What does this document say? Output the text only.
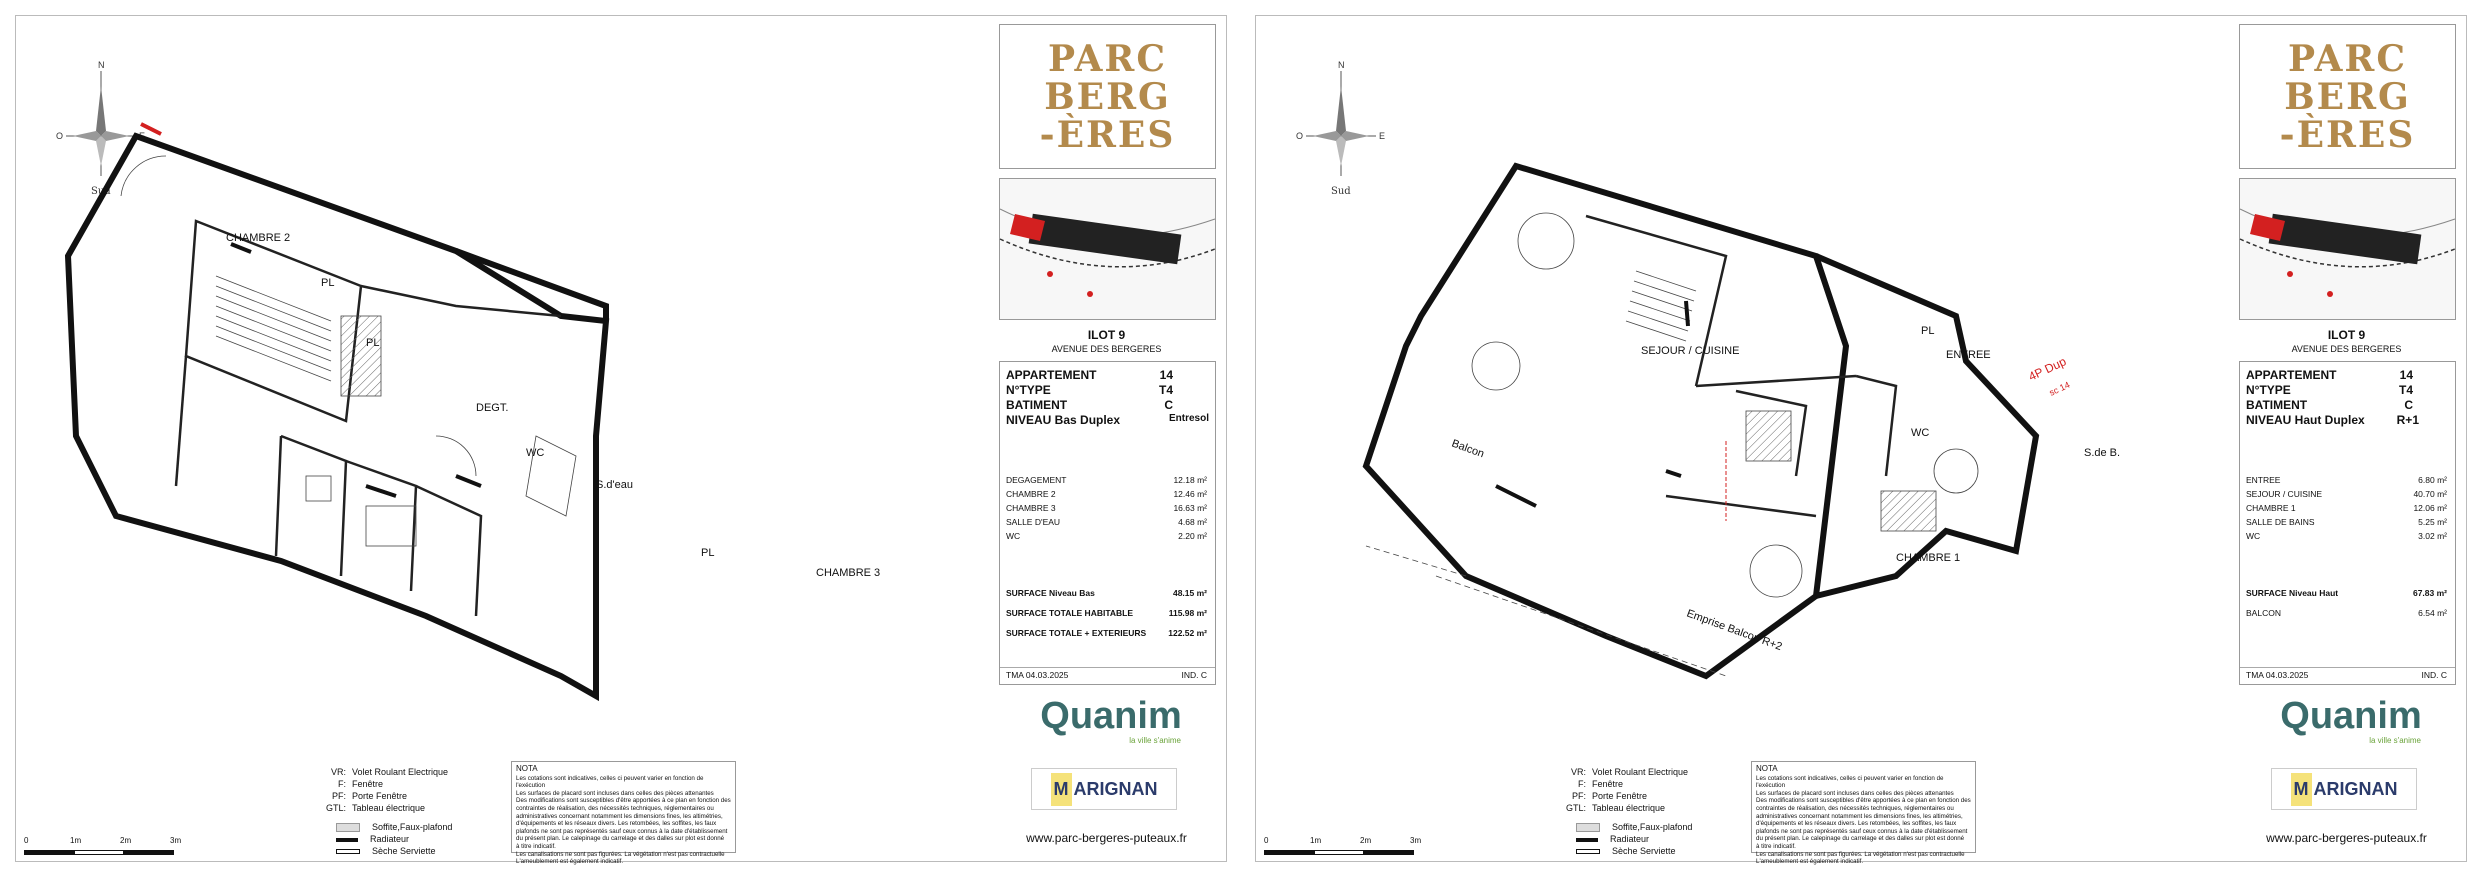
N
Sud
O	E
CHAMBRE 2
PL
PL
DEGT.
WC
S.d'eau
PL
CHAMBRE 3
VR: Volet Roulant Electrique
F: Fenêtre
PF: Porte Fenêtre
GTL: Tableau électrique
Soffite,Faux-plafond
Radiateur
Sèche Serviette
NOTA
Les cotations sont indicatives, celles ci peuvent varier en fonction de l'exécution
Les surfaces de placard sont incluses dans celles des pièces attenantes
Des modifications sont susceptibles d'être apportées à ce plan en fonction des
contraintes de réalisation, des nécessités techniques, réglementaires ou
administratives concernant notamment les dimensions fines, les altimétries,
d'équipements et les réseaux divers. Les retombées, les soffites, les faux
plafonds ne sont pas représentés sauf ceux connus à la date d'établissement
du présent plan. Le calepinage du carrelage et des dalles sur plot est donné
à titre indicatif.
Les canalisations ne sont pas figurées. La végétation n'est pas contractuelle
L'ameublement est également indicatif.
0	1m	2m	3m
PARC
BERG
-ÈRES
ILOT 9
AVENUE DES BERGERES
APPARTEMENT	14
N°TYPE	T4
BATIMENT	C
NIVEAU Bas Duplex	Entresol
DEGAGEMENT	12.18 m²
CHAMBRE 2	12.46 m²
CHAMBRE 3	16.63 m²
SALLE D'EAU	4.68 m²
WC	2.20 m²
SURFACE Niveau Bas	48.15 m²
SURFACE TOTALE HABITABLE	115.98 m²
SURFACE TOTALE + EXTERIEURS	122.52 m²
TMA 04.03.2025	IND. C
Quanim
la ville s'anime
M ARIGNAN
www.parc-bergeres-puteaux.fr
N
Sud
O	E
SEJOUR / CUISINE	ENTREE
WC
S.de B.
CHAMBRE 1
PL
Balcon
Emprise Balcon R+2
4P Dup
sc 14
VR: Volet Roulant Electrique
F: Fenêtre
PF: Porte Fenêtre
GTL: Tableau électrique
Soffite,Faux-plafond
Radiateur
Sèche Serviette
NOTA
Les cotations sont indicatives, celles ci peuvent varier en fonction de l'exécution
Les surfaces de placard sont incluses dans celles des pièces attenantes
Des modifications sont susceptibles d'être apportées à ce plan en fonction des
contraintes de réalisation, des nécessités techniques, réglementaires ou
administratives concernant notamment les dimensions fines, les altimétries,
d'équipements et les réseaux divers. Les retombées, les soffites, les faux
plafonds ne sont pas représentés sauf ceux connus à la date d'établissement
du présent plan. Le calepinage du carrelage et des dalles sur plot est donné
à titre indicatif.
Les canalisations ne sont pas figurées. La végétation n'est pas contractuelle
L'ameublement est également indicatif.
0	1m	2m	3m
PARC
BERG
-ÈRES
ILOT 9
AVENUE DES BERGERES
APPARTEMENT	14
N°TYPE	T4
BATIMENT	C
NIVEAU Haut Duplex	R+1
ENTREE	6.80 m²
SEJOUR / CUISINE	40.70 m²
CHAMBRE 1	12.06 m²
SALLE DE BAINS	5.25 m²
WC	3.02 m²
SURFACE Niveau Haut	67.83 m²
BALCON	6.54 m²
TMA 04.03.2025	IND. C
Quanim
la ville s'anime
M ARIGNAN
www.parc-bergeres-puteaux.fr
